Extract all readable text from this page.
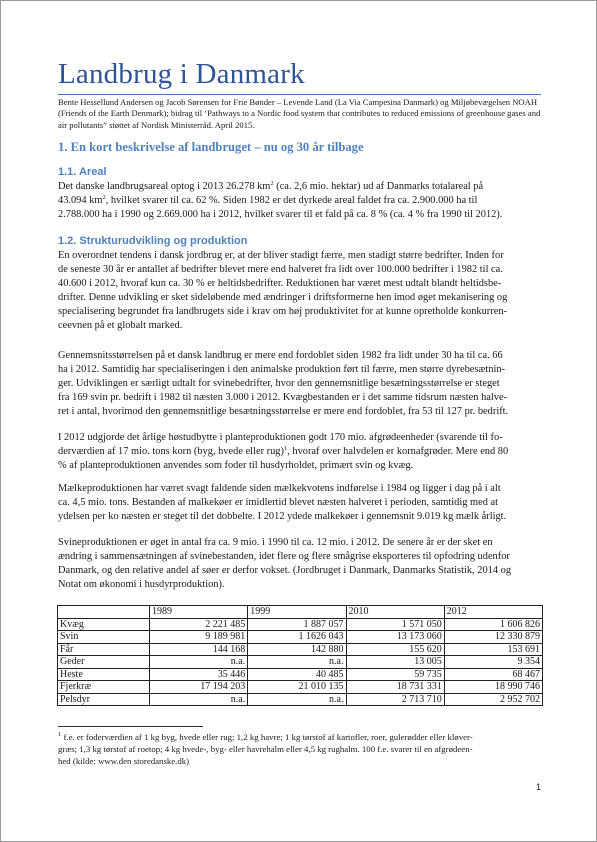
Landbrug i Danmark
Bente Hessellund Andersen og Jacob Sørensen for Frie Bønder – Levende Land (La Via Campesina Danmark) og Miljøbevægelsen NOAH (Friends of the Earth Denmark); bidrag til ‘Pathways to a Nordic food system that contributes to reduced emissions of greenhouse gases and air pollutants” støttet af Nordisk Ministerråd. April 2015.
1. En kort beskrivelse af landbruget – nu og 30 år tilbage
1.1. Areal
Det danske landbrugsareal optog i 2013 26.278 $km^2$ (ca. 2,6 mio. hektar) ud af Danmarks totalareal på
43.094 $km^2$, hvilket svarer til ca. 62 %. Siden 1982 er det dyrkede areal faldet fra ca. 2.900.000 ha til
2.788.000 ha i 1990 og 2.669.000 ha i 2012, hvilket svarer til et fald på ca. 8 % (ca. 4 % fra 1990 til 2012).
1.2. Strukturudvikling og produktion
En overordnet tendens i dansk jordbrug er, at der bliver stadigt færre, men stadigt større bedrifter. Inden for
de seneste 30 år er antallet af bedrifter blevet mere end halveret fra lidt over 100.000 bedrifter i 1982 til ca.
40.600 i 2012, hvoraf kun ca. 30 % er heltidsbedrifter. Reduktionen har været mest udtalt blandt heltidsbe-
drifter. Denne udvikling er sket sideløbende med ændringer i driftsformerne hen imod øget mekanisering og
specialisering begrundet fra landbrugets side i krav om høj produktivitet for at kunne opretholde konkurren-
ceevnen på et globalt marked.
Gennemsnitsstørrelsen på et dansk landbrug er mere end fordoblet siden 1982 fra lidt under 30 ha til ca. 66
ha i 2012. Samtidig har specialiseringen i den animalske produktion ført til færre, men større dyrebesætnin-
ger. Udviklingen er særligt udtalt for svinebedrifter, hvor den gennemsnitlige besætningsstørrelse er steget
fra 169 svin pr. bedrift i 1982 til næsten 3.000 i 2012. Kvægbestanden er i det samme tidsrum næsten halve-
ret i antal, hvorimod den gennemsnitlige besætningsstørrelse er mere end fordoblet, fra 53 til 127 pr. bedrift.
I 2012 udgjorde det årlige høstudbytte i planteproduktionen godt 170 mio. afgrødeenheder (svarende til fo-
derværdien af 17 mio. tons korn (byg, hvede eller rug)$^1$, hvoraf over halvdelen er kornafgrøder. Mere end 80
% af planteproduktionen anvendes som foder til husdyrholdet, primært svin og kvæg.
Mælkeproduktionen har været svagt faldende siden mælkekvotens indførelse i 1984 og ligger i dag på i alt
ca. 4,5 mio. tons. Bestanden af malkekøer er imidlertid blevet næsten halveret i perioden, samtidig med at
ydelsen per ko næsten er steget til det dobbelte. I 2012 ydede malkekøer i gennemsnit 9.019 kg mælk årligt.
Svineproduktionen er øget in antal fra ca. 9 mio. i 1990 til ca. 12 mio. i 2012. De senere år er der sket en
ændring i sammensætningen af svinebestanden, idet flere og flere smågrise eksporteres til opfodring udenfor
Danmark, og den relative andel af søer er derfor vokset. (Jordbruget i Danmark, Danmarks Statistik, 2014 og
Notat om økonomi i husdyrproduktion).
	1989	1999	2010	2012
Kvæg	2 221 485	1 887 057	1 571 050	1 606 826
Svin	9 189 981	1 1626 043	13 173 060	12 330 879
Får	144 168	142 880	155 620	153 691
Geder	n.a.	n.a.	13 005	9 354
Heste	35 446	40 485	59 735	68 467
Fjerkræ	17 194 203	21 010 135	18 731 331	18 990 746
Pelsdyr	n.a.	n.a.	2 713 710	2 952 702
$^1$ f.e. er foderværdien af 1 kg byg, hvede eller rug; 1,2 kg havre; 1 kg tørstof af kartofler, roer, gulerødder eller kløver-
græs; 1,3 kg tørstof af roetop; 4 kg hvede-, byg- eller havrehalm eller 4,5 kg rughalm. 100 f.e. svarer til en afgrødeen-
hed (kilde: www.den storedanske.dk)
1
